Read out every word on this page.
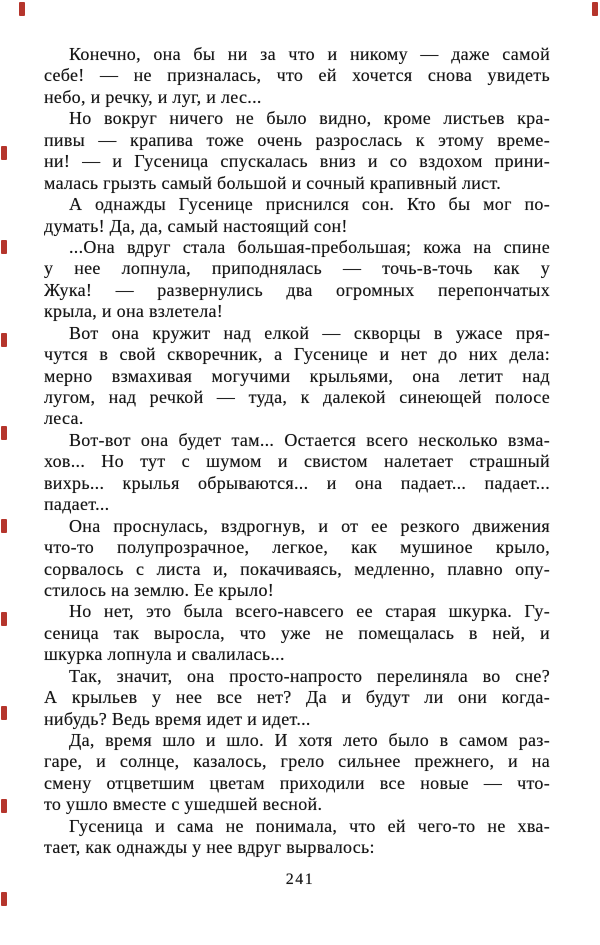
Конечно, она бы ни за что и никому — даже самой
себе! — не призналась, что ей хочется снова увидеть
небо, и речку, и луг, и лес...
Но вокруг ничего не было видно, кроме листьев кра-
пивы — крапива тоже очень разрослась к этому време-
ни! — и Гусеница спускалась вниз и со вздохом прини-
малась грызть самый большой и сочный крапивный лист.
А однажды Гусенице приснился сон. Кто бы мог по-
думать! Да, да, самый настоящий сон!
...Она вдруг стала большая-пребольшая; кожа на спине
у нее лопнула, приподнялась — точь-в-точь как у
Жука! — развернулись два огромных перепончатых
крыла, и она взлетела!
Вот она кружит над елкой — скворцы в ужасе пря-
чутся в свой скворечник, а Гусенице и нет до них дела:
мерно взмахивая могучими крыльями, она летит над
лугом, над речкой — туда, к далекой синеющей полосе
леса.
Вот-вот она будет там... Остается всего несколько взма-
хов... Но тут с шумом и свистом налетает страшный
вихрь... крылья обрываются... и она падает... падает...
падает...
Она проснулась, вздрогнув, и от ее резкого движения
что-то полупрозрачное, легкое, как мушиное крыло,
сорвалось с листа и, покачиваясь, медленно, плавно опу-
стилось на землю. Ее крыло!
Но нет, это была всего-навсего ее старая шкурка. Гу-
сеница так выросла, что уже не помещалась в ней, и
шкурка лопнула и свалилась...
Так, значит, она просто-напросто перелиняла во сне?
А крыльев у нее все нет? Да и будут ли они когда-
нибудь? Ведь время идет и идет...
Да, время шло и шло. И хотя лето было в самом раз-
гаре, и солнце, казалось, грело сильнее прежнего, и на
смену отцветшим цветам приходили все новые — что-
то ушло вместе с ушедшей весной.
Гусеница и сама не понимала, что ей чего-то не хва-
тает, как однажды у нее вдруг вырвалось:
241
